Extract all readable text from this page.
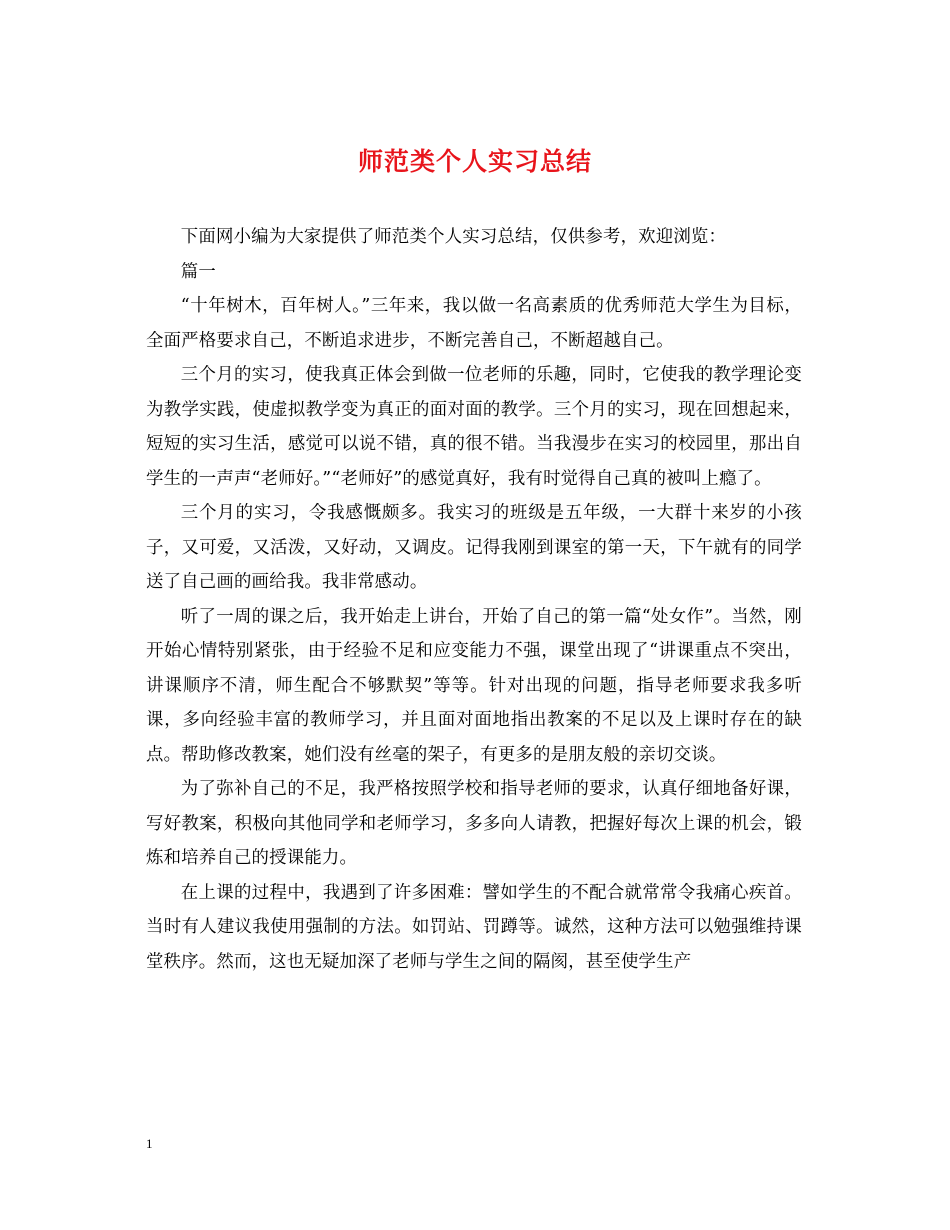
师范类个人实习总结

下面网小编为大家提供了师范类个人实习总结，仅供参考，欢迎浏览：

篇一

“十年树木，百年树人。”三年来，我以做一名高素质的优秀师范大学生为目标，全面严格要求自己，不断追求进步，不断完善自己，不断超越自己。

三个月的实习，使我真正体会到做一位老师的乐趣，同时，它使我的教学理论变为教学实践，使虚拟教学变为真正的面对面的教学。三个月的实习，现在回想起来，短短的实习生活，感觉可以说不错，真的很不错。当我漫步在实习的校园里，那出自学生的一声声“老师好。”“老师好”的感觉真好，我有时觉得自己真的被叫上瘾了。

三个月的实习，令我感慨颇多。我实习的班级是五年级，一大群十来岁的小孩子，又可爱，又活泼，又好动，又调皮。记得我刚到课室的第一天，下午就有的同学送了自己画的画给我。我非常感动。

听了一周的课之后，我开始走上讲台，开始了自己的第一篇“处女作”。当然，刚开始心情特别紧张，由于经验不足和应变能力不强，课堂出现了“讲课重点不突出，讲课顺序不清，师生配合不够默契”等等。针对出现的问题，指导老师要求我多听课，多向经验丰富的教师学习，并且面对面地指出教案的不足以及上课时存在的缺点。帮助修改教案，她们没有丝毫的架子，有更多的是朋友般的亲切交谈。

为了弥补自己的不足，我严格按照学校和指导老师的要求，认真仔细地备好课，写好教案，积极向其他同学和老师学习，多多向人请教，把握好每次上课的机会，锻炼和培养自己的授课能力。

在上课的过程中，我遇到了许多困难：譬如学生的不配合就常常令我痛心疾首。当时有人建议我使用强制的方法。如罚站、罚蹲等。诚然，这种方法可以勉强维持课堂秩序。然而，这也无疑加深了老师与学生之间的隔阂，甚至使学生产

1
